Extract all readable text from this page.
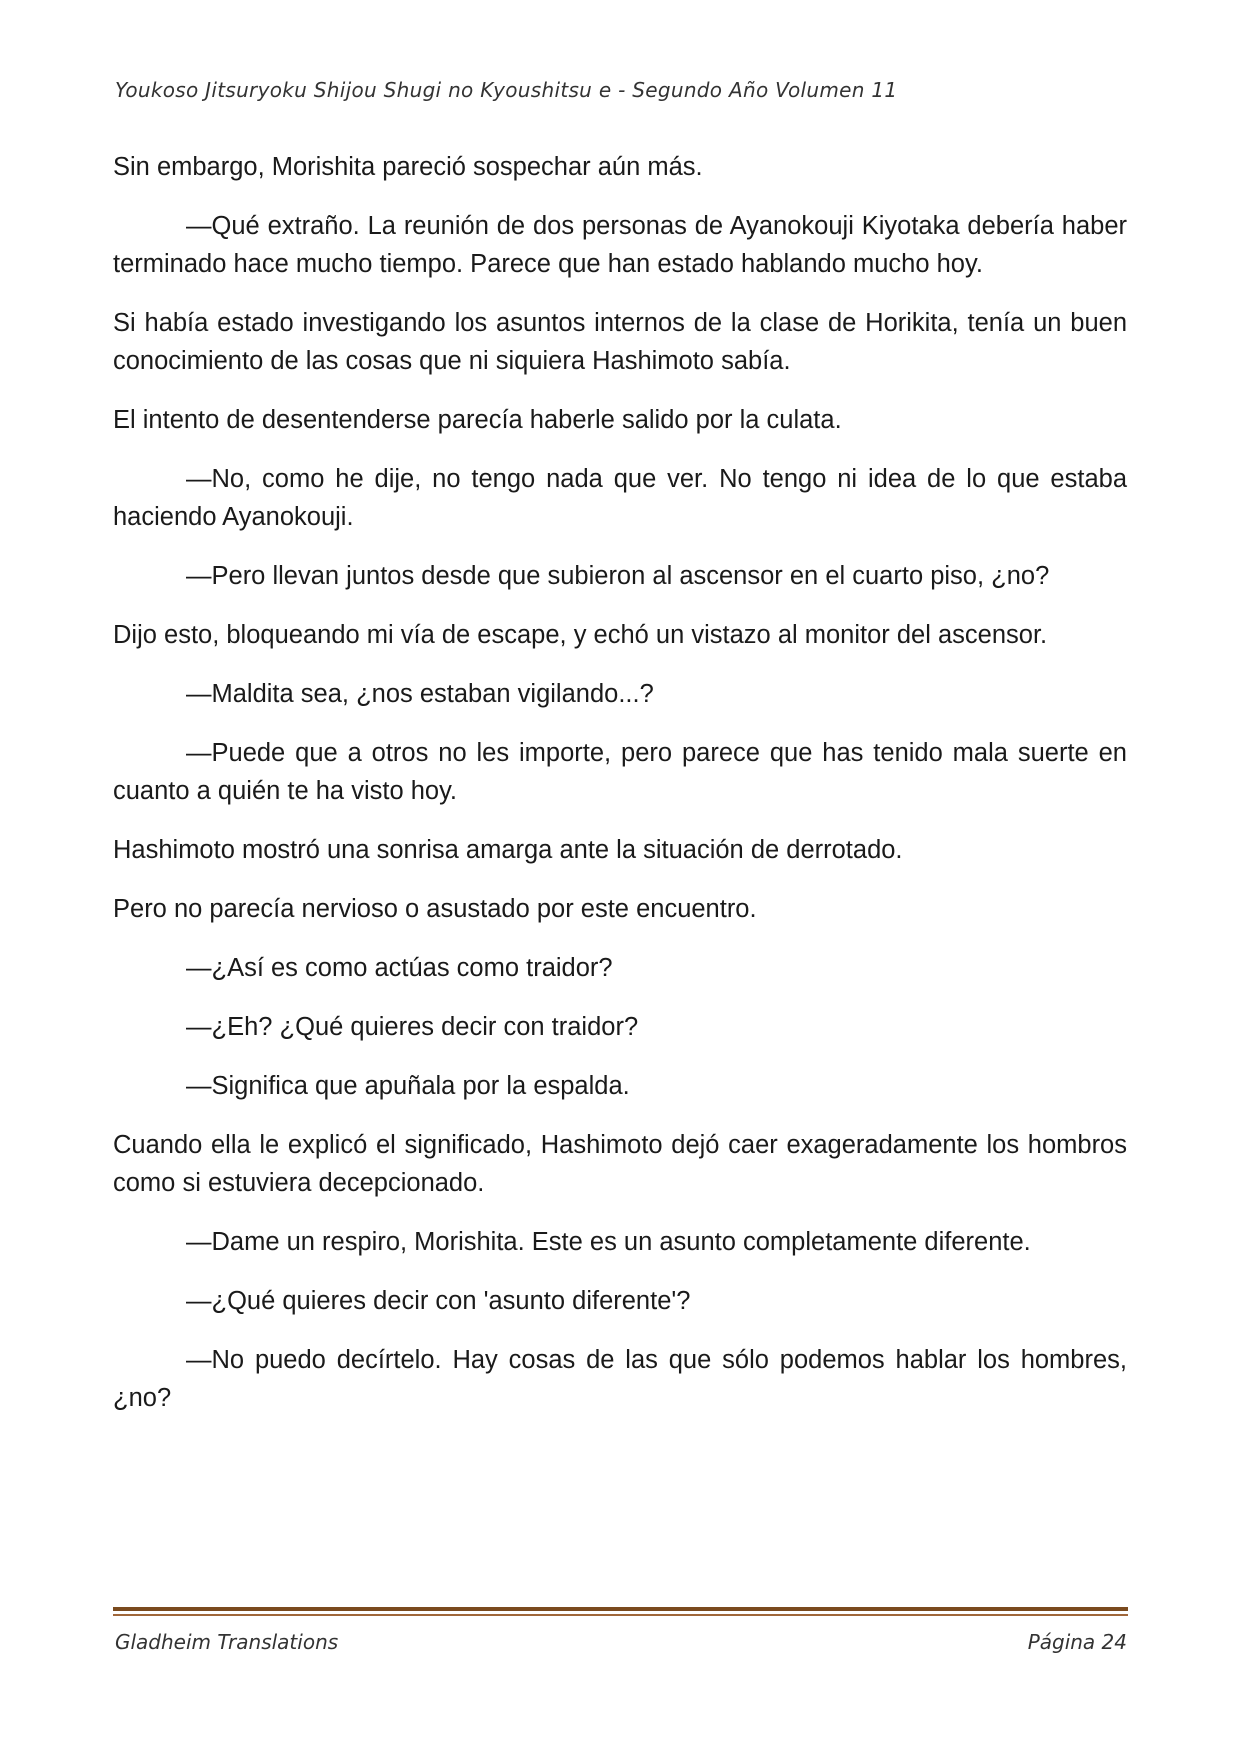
Youkoso Jitsuryoku Shijou Shugi no Kyoushitsu e - Segundo Año Volumen 11

Sin embargo, Morishita pareció sospechar aún más.

—Qué extraño. La reunión de dos personas de Ayanokouji Kiyotaka debería haber terminado hace mucho tiempo. Parece que han estado hablando mucho hoy.

Si había estado investigando los asuntos internos de la clase de Horikita, tenía un buen conocimiento de las cosas que ni siquiera Hashimoto sabía.

El intento de desentenderse parecía haberle salido por la culata.

—No, como he dije, no tengo nada que ver. No tengo ni idea de lo que estaba haciendo Ayanokouji.

—Pero llevan juntos desde que subieron al ascensor en el cuarto piso, ¿no?

Dijo esto, bloqueando mi vía de escape, y echó un vistazo al monitor del ascensor.

—Maldita sea, ¿nos estaban vigilando...?

—Puede que a otros no les importe, pero parece que has tenido mala suerte en cuanto a quién te ha visto hoy.

Hashimoto mostró una sonrisa amarga ante la situación de derrotado.

Pero no parecía nervioso o asustado por este encuentro.

—¿Así es como actúas como traidor?

—¿Eh? ¿Qué quieres decir con traidor?

—Significa que apuñala por la espalda.

Cuando ella le explicó el significado, Hashimoto dejó caer exageradamente los hombros como si estuviera decepcionado.

—Dame un respiro, Morishita. Este es un asunto completamente diferente.

—¿Qué quieres decir con 'asunto diferente'?

—No puedo decírtelo. Hay cosas de las que sólo podemos hablar los hombres, ¿no?

Gladheim Translations	Página 24
